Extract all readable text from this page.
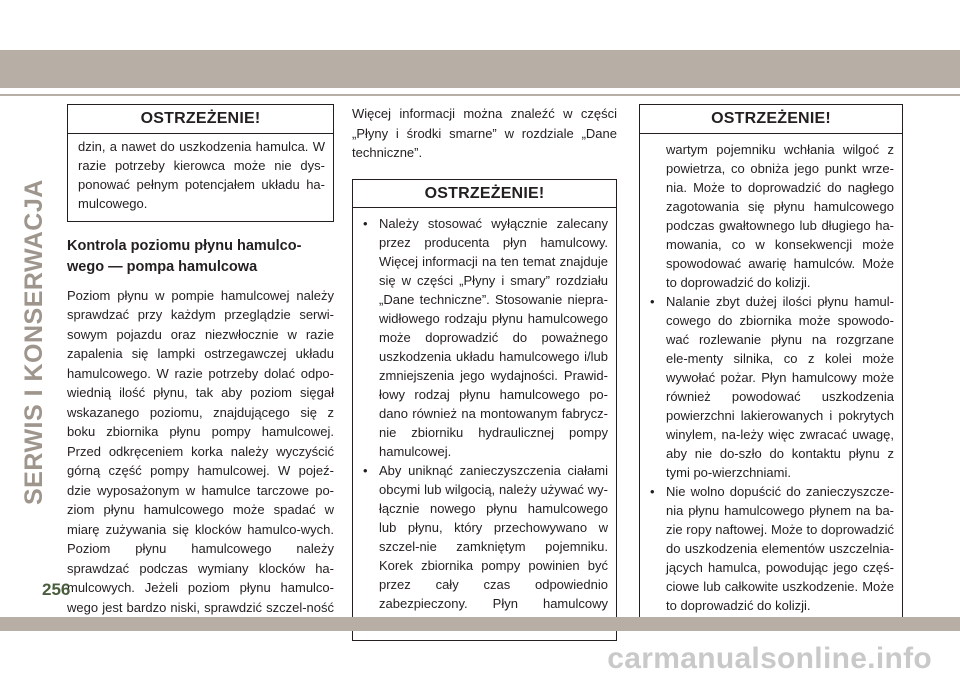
SERWIS I KONSERWACJA
OSTRZEŻENIE!
dzin, a nawet do uszkodzenia hamulca. W razie potrzeby kierowca może nie dys-ponować pełnym potencjałem układu ha-mulcowego.
Kontrola poziomu płynu hamulco-wego — pompa hamulcowa

Poziom płynu w pompie hamulcowej należy sprawdzać przy każdym przeglądzie serwi-sowym pojazdu oraz niezwłocznie w razie zapalenia się lampki ostrzegawczej układu hamulcowego. W razie potrzeby dolać odpo-wiednią ilość płynu, tak aby poziom sięgał wskazanego poziomu, znajdującego się z boku zbiornika płynu pompy hamulcowej. Przed odkręceniem korka należy wyczyścić górną część pompy hamulcowej. W pojeź-dzie wyposażonym w hamulce tarczowe po-ziom płynu hamulcowego może spadać w miarę zużywania się klocków hamulco-wych. Poziom płynu hamulcowego należy sprawdzać podczas wymiany klocków ha-mulcowych. Jeżeli poziom płynu hamulco-wego jest bardzo niski, sprawdzić szczel-ność

Więcej informacji można znaleźć w części „Płyny i środki smarne” w rozdziale „Dane techniczne”.

OSTRZEŻENIE!
• Należy stosować wyłącznie zalecany przez producenta płyn hamulcowy. Więcej informacji na ten temat znajduje się w części „Płyny i smary” rozdziału „Dane techniczne”. Stosowanie niepra-widłowego rodzaju płynu hamulcowego może doprowadzić do poważnego uszkodzenia układu hamulcowego i/lub zmniejszenia jego wydajności. Prawid-łowy rodzaj płynu hamulcowego po-dano również na montowanym fabrycz-nie zbiorniku hydraulicznej pompy hamulcowej.
• Aby uniknąć zanieczyszczenia ciałami obcymi lub wilgocią, należy używać wy-łącznie nowego płynu hamulcowego lub płynu, który przechowywano w szczel-nie zamkniętym pojemniku. Korek zbiornika pompy powinien być przez cały czas odpowiednio zabezpieczony. Płyn hamulcowy
OSTRZEŻENIE!
wartym pojemniku wchłania wilgoć z powietrza, co obniża jego punkt wrze-nia. Może to doprowadzić do nagłego zagotowania się płynu hamulcowego podczas gwałtownego lub długiego ha-mowania, co w konsekwencji może spowodować awarię hamulców. Może to doprowadzić do kolizji.
• Nalanie zbyt dużej ilości płynu hamul-cowego do zbiornika może spowodo-wać rozlewanie płynu na rozgrzane ele-menty silnika, co z kolei może wywołać pożar. Płyn hamulcowy może również powodować uszkodzenia powierzchni lakierowanych i pokrytych winylem, na-leży więc zwracać uwagę, aby nie do-szło do kontaktu płynu z tymi po-wierzchniami.
• Nie wolno dopuścić do zanieczyszcze-nia płynu hamulcowego płynem na ba-zie ropy naftowej. Może to doprowadzić do uszkodzenia elementów uszczelnia-jących hamulca, powodując jego częś-ciowe lub całkowite uszkodzenie. Może to doprowadzić do kolizji.
256
carmanualsonline.info
